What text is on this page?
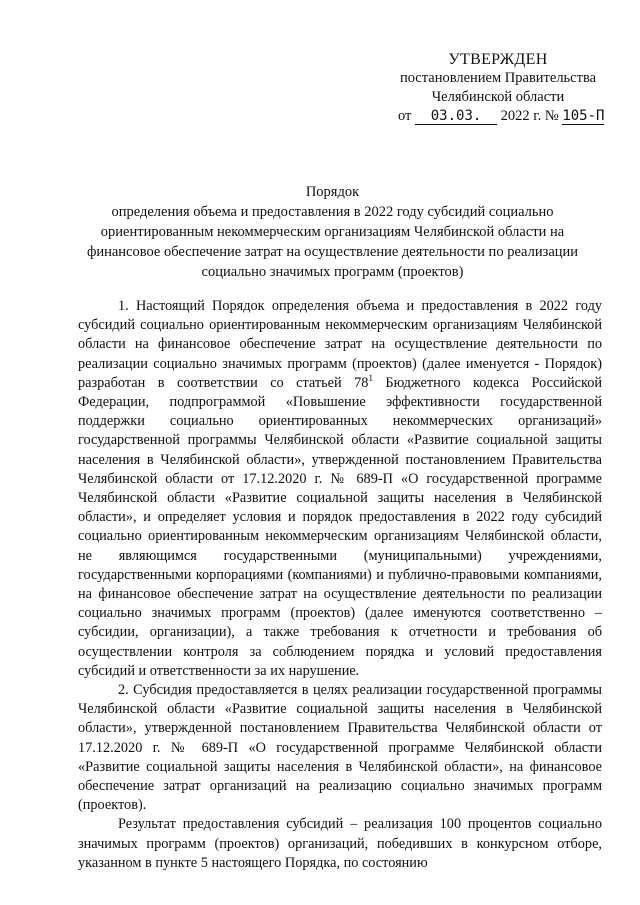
УТВЕРЖДЕН
постановлением Правительства
Челябинской области
от 03.03. 2022 г. № 105-П
Порядок
определения объема и предоставления в 2022 году субсидий социально
ориентированным некоммерческим организациям Челябинской области на
финансовое обеспечение затрат на осуществление деятельности по реализации
социально значимых программ (проектов)

1. Настоящий Порядок определения объема и предоставления в 2022 году субсидий социально ориентированным некоммерческим организациям Челябинской области на финансовое обеспечение затрат на осуществление деятельности по реализации социально значимых программ (проектов) (далее именуется - Порядок) разработан в соответствии со статьей $78^1$ Бюджетного кодекса Российской Федерации, подпрограммой «Повышение эффективности государственной поддержки социально ориентированных некоммерческих организаций» государственной программы Челябинской области «Развитие социальной защиты населения в Челябинской области», утвержденной постановлением Правительства Челябинской области от 17.12.2020 г. № 689-П «О государственной программе Челябинской области «Развитие социальной защиты населения в Челябинской области», и определяет условия и порядок предоставления в 2022 году субсидий социально ориентированным некоммерческим организациям Челябинской области, не являющимся государственными (муниципальными) учреждениями, государственными корпорациями (компаниями) и публично-правовыми компаниями, на финансовое обеспечение затрат на осуществление деятельности по реализации социально значимых программ (проектов) (далее именуются соответственно – субсидии, организации), а также требования к отчетности и требования об осуществлении контроля за соблюдением порядка и условий предоставления субсидий и ответственности за их нарушение.

2. Субсидия предоставляется в целях реализации государственной программы Челябинской области «Развитие социальной защиты населения в Челябинской области», утвержденной постановлением Правительства Челябинской области от 17.12.2020 г. № 689-П «О государственной программе Челябинской области «Развитие социальной защиты населения в Челябинской области», на финансовое обеспечение затрат организаций на реализацию социально значимых программ (проектов).

Результат предоставления субсидий – реализация 100 процентов социально значимых программ (проектов) организаций, победивших в конкурсном отборе, указанном в пункте 5 настоящего Порядка, по состоянию
